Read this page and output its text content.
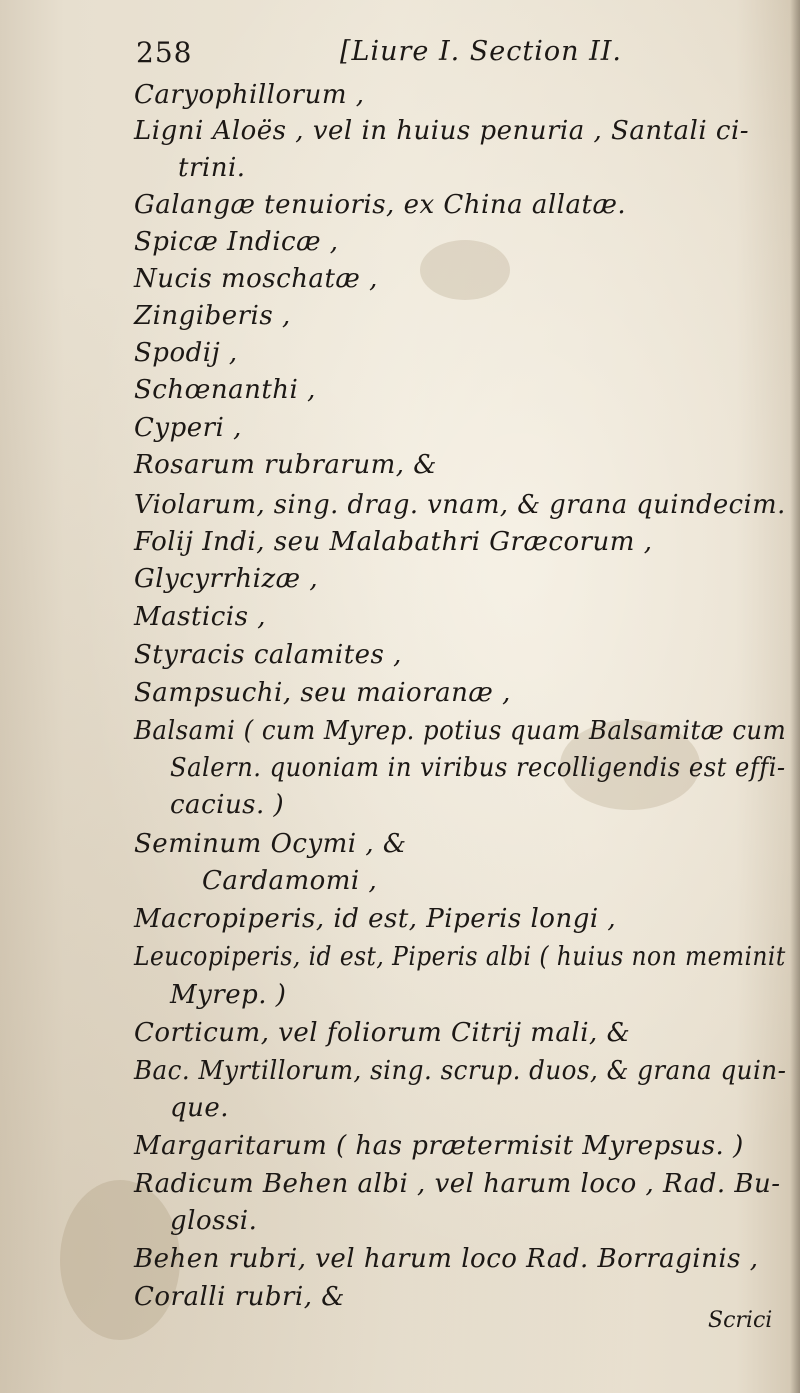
258	[Liure I. Section II.
Caryophillorum ,
Ligni Aloës , vel in huius penuria , Santali ci-
trini.
Galangæ tenuioris, ex China allatæ.
Spicæ Indicæ ,
Nucis moschatæ ,
Zingiberis ,
Spodij ,
Schœnanthi ,
Cyperi ,
Rosarum rubrarum, &
Violarum, sing. drag. vnam, & grana quindecim.
Folij Indi, seu Malabathri Græcorum ,
Glycyrrhizæ ,
Masticis ,
Styracis calamites ,
Sampsuchi, seu maioranæ ,
Balsami ( cum Myrep. potius quam Balsamitæ cum
Salern. quoniam in viribus recolligendis est effi-
cacius. )
Seminum Ocymi , &
Cardamomi ,
Macropiperis, id est, Piperis longi ,
Leucopiperis, id est, Piperis albi ( huius non meminit
Myrep. )
Corticum, vel foliorum Citrij mali, &
Bac. Myrtillorum, sing. scrup. duos, & grana quin-
que.
Margaritarum ( has prætermisit Myrepsus. )
Radicum Behen albi , vel harum loco , Rad. Bu-
glossi.
Behen rubri, vel harum loco Rad. Borraginis ,
Coralli rubri, &
Scrici
